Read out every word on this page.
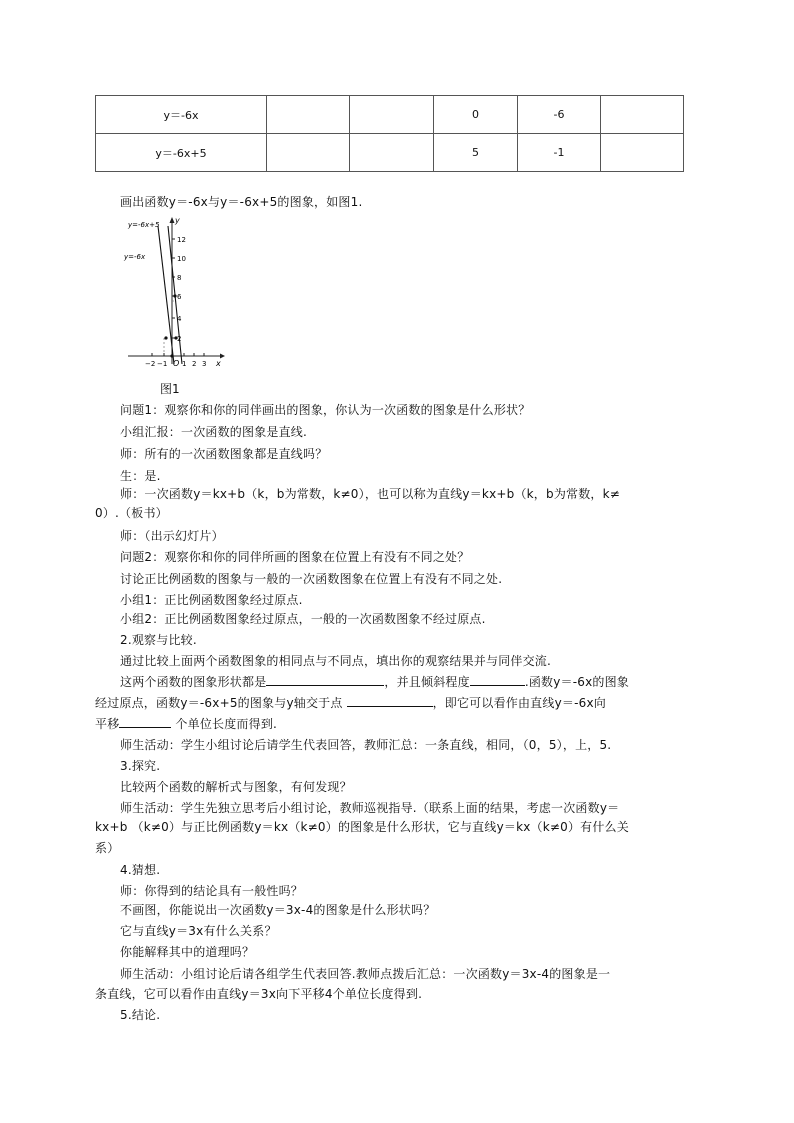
y＝-6x			0	-6	
y＝-6x+5			5	-1	
画出函数y＝-6x与y＝-6x+5的图象，如图1.
y=-6x+5
y=-6x
y
x
O
12
10
8
6
4
2
−2 −1 1 2 3
图1
问题1：观察你和你的同伴画出的图象，你认为一次函数的图象是什么形状？
小组汇报：一次函数的图象是直线.
师：所有的一次函数图象都是直线吗？
生：是.
师：一次函数y＝kx+b（k，b为常数，k≠0），也可以称为直线y＝kx+b（k，b为常数，k≠
0）.（板书）
师：（出示幻灯片）
问题2：观察你和你的同伴所画的图象在位置上有没有不同之处？
讨论正比例函数的图象与一般的一次函数图象在位置上有没有不同之处.
小组1：正比例函数图象经过原点.
小组2：正比例函数图象经过原点，一般的一次函数图象不经过原点.
2.观察与比较.
通过比较上面两个函数图象的相同点与不同点，填出你的观察结果并与同伴交流.
这两个函数的图象形状都是	，并且倾斜程度	.函数y＝-6x的图象
经过原点，函数y＝-6x+5的图象与y轴交于点	，即它可以看作由直线y＝-6x向
平移	个单位长度而得到.
师生活动：学生小组讨论后请学生代表回答，教师汇总：一条直线，相同，（0，5），上，5.
3.探究.
比较两个函数的解析式与图象，有何发现？
师生活动：学生先独立思考后小组讨论，教师巡视指导.（联系上面的结果，考虑一次函数y＝
kx+b （k≠0）与正比例函数y＝kx（k≠0）的图象是什么形状，它与直线y＝kx（k≠0）有什么关
系）
4.猜想.
师：你得到的结论具有一般性吗？
不画图，你能说出一次函数y＝3x-4的图象是什么形状吗？
它与直线y＝3x有什么关系？
你能解释其中的道理吗？
师生活动：小组讨论后请各组学生代表回答.教师点拨后汇总：一次函数y＝3x-4的图象是一
条直线，它可以看作由直线y＝3x向下平移4个单位长度得到.
5.结论.
